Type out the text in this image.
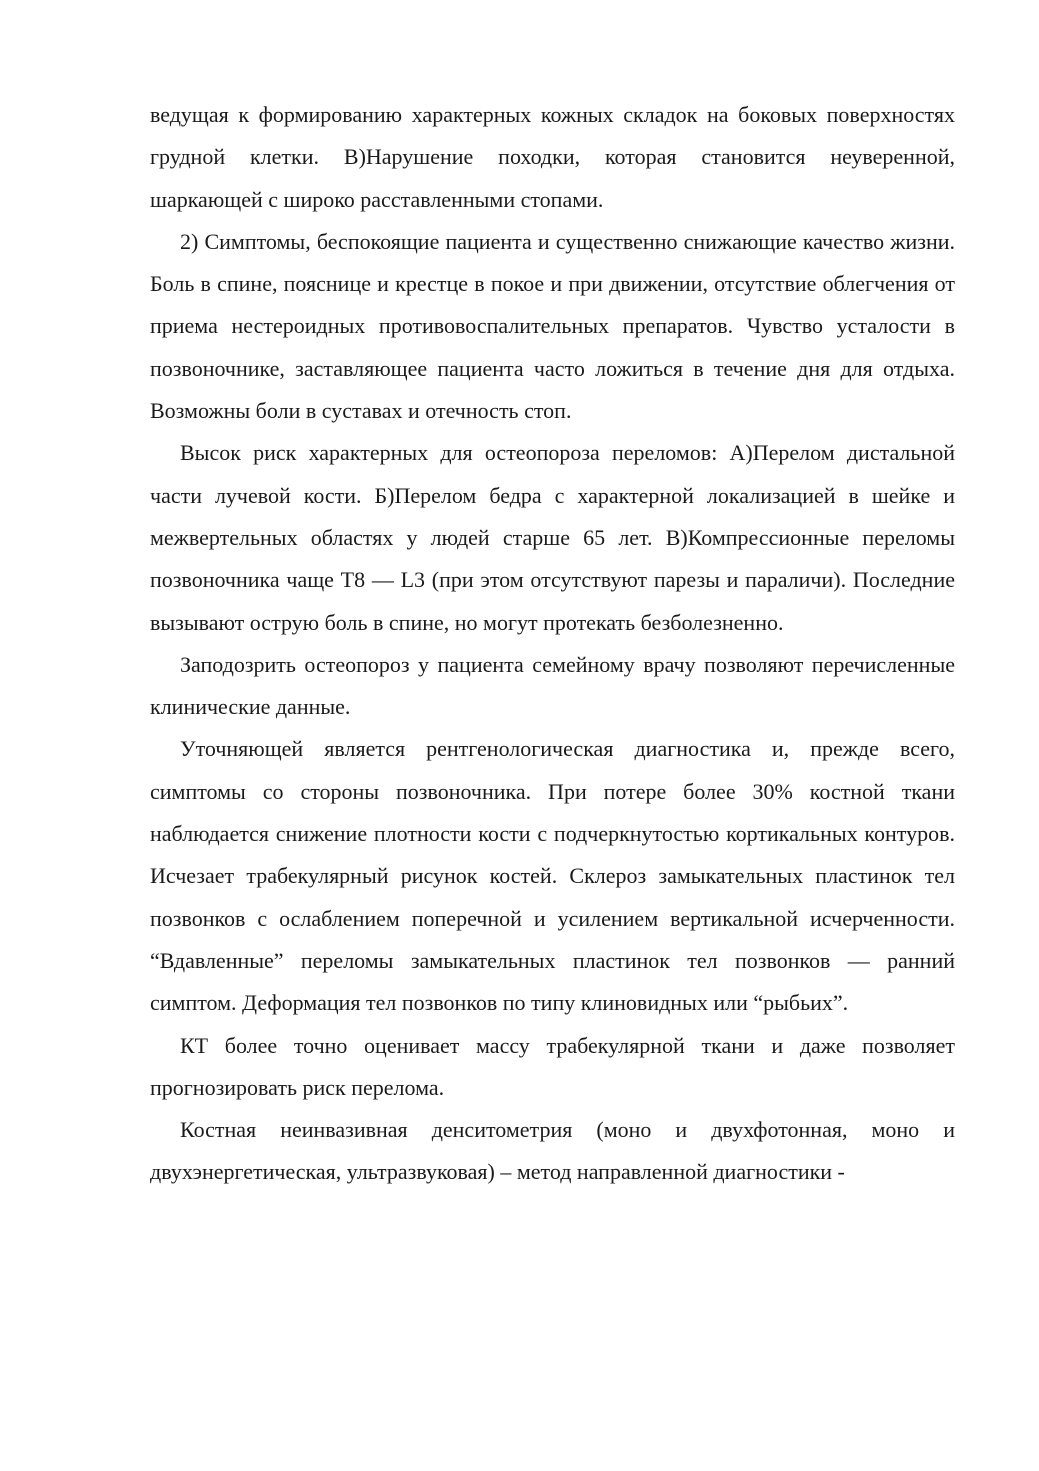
ведущая к формированию характерных кожных складок на боковых поверхностях грудной клетки. В)Нарушение походки, которая становится неуверенной, шаркающей с широко расставленными стопами.

2) Симптомы, беспокоящие пациента и существенно снижающие качество жизни. Боль в спине, пояснице и крестце в покое и при движении, отсутствие облегчения от приема нестероидных противовоспалительных препаратов. Чувство усталости в позвоночнике, заставляющее пациента часто ложиться в течение дня для отдыха. Возможны боли в суставах и отечность стоп.

Высок риск характерных для остеопороза переломов: А)Перелом дистальной части лучевой кости. Б)Перелом бедра с характерной локализацией в шейке и межвертельных областях у людей старше 65 лет. В)Компрессионные переломы позвоночника чаще Т8 — L3 (при этом отсутствуют парезы и параличи). Последние вызывают острую боль в спине, но могут протекать безболезненно.

Заподозрить остеопороз у пациента семейному врачу позволяют перечисленные клинические данные.

Уточняющей является рентгенологическая диагностика и, прежде всего, симптомы со стороны позвоночника. При потере более 30% костной ткани наблюдается снижение плотности кости с подчеркнутостью кортикальных контуров. Исчезает трабекулярный рисунок костей. Склероз замыкательных пластинок тел позвонков с ослаблением поперечной и усилением вертикальной исчерченности. “Вдавленные” переломы замыкательных пластинок тел позвонков — ранний симптом. Деформация тел позвонков по типу клиновидных или “рыбьих”.

КТ более точно оценивает массу трабекулярной ткани и даже позволяет прогнозировать риск перелома.

Костная неинвазивная денситометрия (моно и двухфотонная, моно и двухэнергетическая, ультразвуковая) – метод направленной диагностики -
